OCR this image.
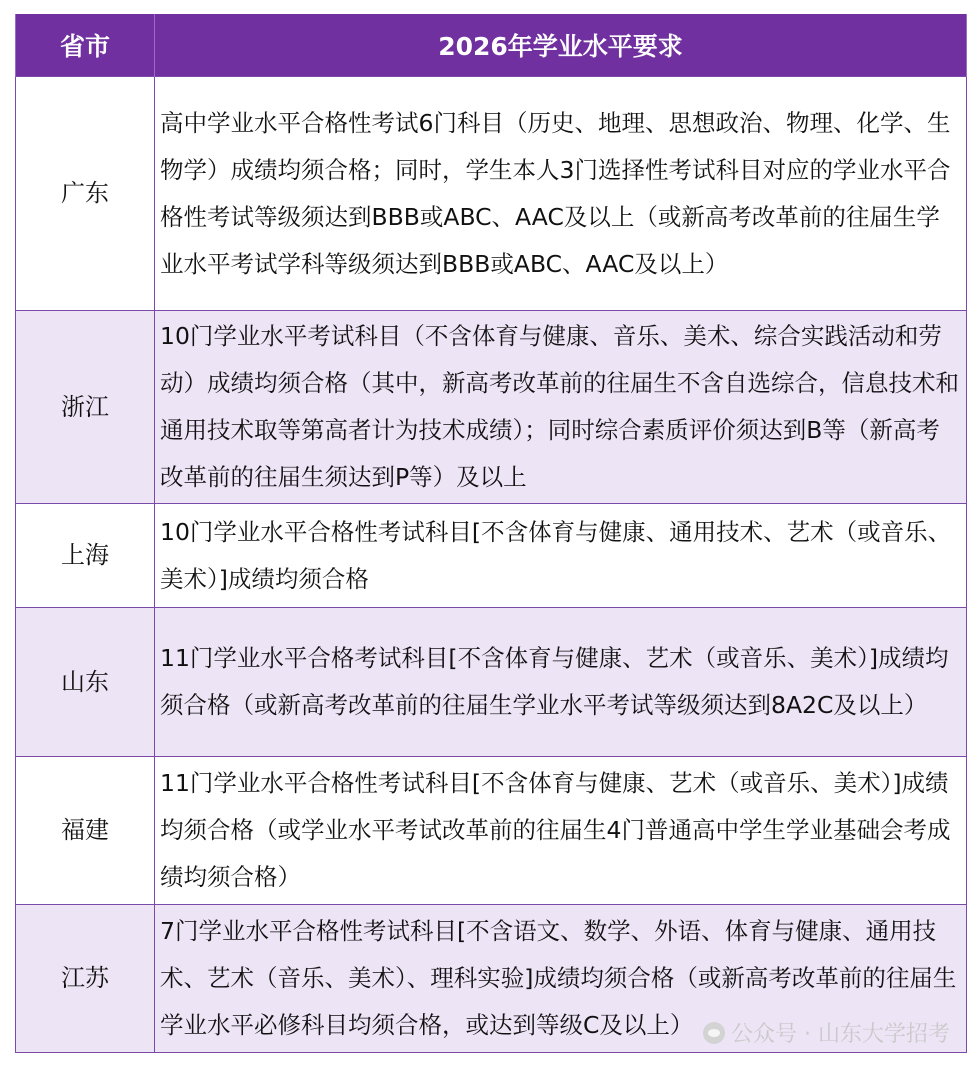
省市	2026年学业水平要求
广东	高中学业水平合格性考试6门科目（历史、地理、思想政治、物理、化学、生物学）成绩均须合格；同时，学生本人3门选择性考试科目对应的学业水平合格性考试等级须达到BBB或ABC、AAC及以上（或新高考改革前的往届生学业水平考试学科等级须达到BBB或ABC、AAC及以上）
浙江	10门学业水平考试科目（不含体育与健康、音乐、美术、综合实践活动和劳动）成绩均须合格（其中，新高考改革前的往届生不含自选综合，信息技术和通用技术取等第高者计为技术成绩）；同时综合素质评价须达到B等（新高考改革前的往届生须达到P等）及以上
上海	10门学业水平合格性考试科目[不含体育与健康、通用技术、艺术（或音乐、美术）]成绩均须合格
山东	11门学业水平合格考试科目[不含体育与健康、艺术（或音乐、美术）]成绩均须合格（或新高考改革前的往届生学业水平考试等级须达到8A2C及以上）
福建	11门学业水平合格性考试科目[不含体育与健康、艺术（或音乐、美术）]成绩均须合格（或学业水平考试改革前的往届生4门普通高中学生学业基础会考成绩均须合格）
江苏	7门学业水平合格性考试科目[不含语文、数学、外语、体育与健康、通用技术、艺术（音乐、美术）、理科实验]成绩均须合格（或新高考改革前的往届生学业水平必修科目均须合格，或达到等级C及以上） 公众号 · 山东大学招考
